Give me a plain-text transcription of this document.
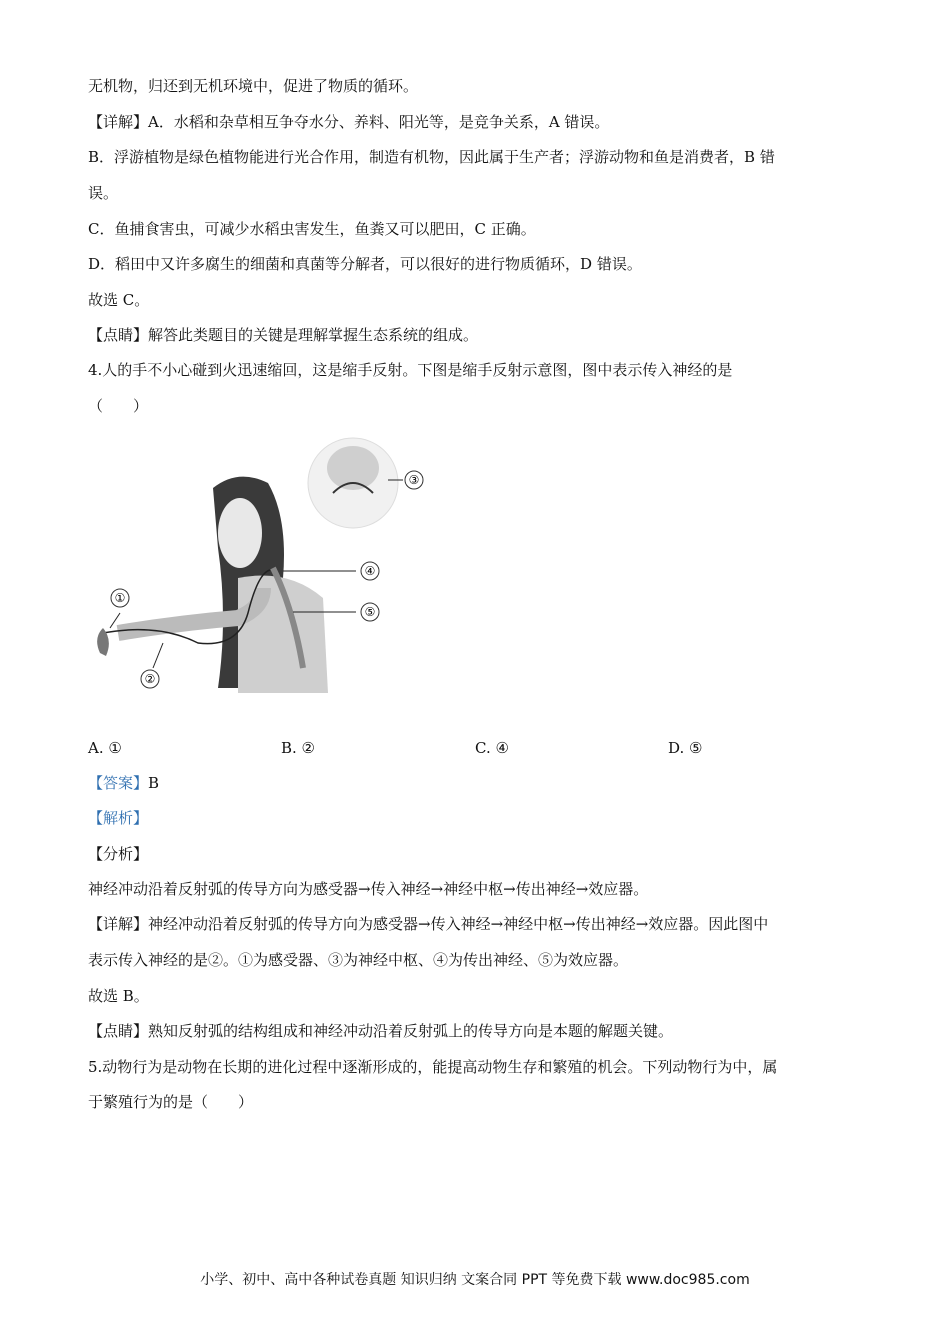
无机物，归还到无机环境中，促进了物质的循环。
【详解】A．水稻和杂草相互争夺水分、养料、阳光等，是竞争关系，A 错误。
B．浮游植物是绿色植物能进行光合作用，制造有机物，因此属于生产者；浮游动物和鱼是消费者，B 错
误。
C．鱼捕食害虫，可减少水稻虫害发生，鱼粪又可以肥田，C 正确。
D．稻田中又许多腐生的细菌和真菌等分解者，可以很好的进行物质循环，D 错误。
故选 C。
【点睛】解答此类题目的关键是理解掌握生态系统的组成。
4.人的手不小心碰到火迅速缩回，这是缩手反射。下图是缩手反射示意图，图中表示传入神经的是
（　　）
①
②
③
④
⑤
A. ①	B. ②	C. ④	D. ⑤
【答案】B
【解析】
【分析】
神经冲动沿着反射弧的传导方向为感受器→传入神经→神经中枢→传出神经→效应器。
【详解】神经冲动沿着反射弧的传导方向为感受器→传入神经→神经中枢→传出神经→效应器。因此图中
表示传入神经的是②。①为感受器、③为神经中枢、④为传出神经、⑤为效应器。
故选 B。
【点睛】熟知反射弧的结构组成和神经冲动沿着反射弧上的传导方向是本题的解题关键。
5.动物行为是动物在长期的进化过程中逐渐形成的，能提高动物生存和繁殖的机会。下列动物行为中，属
于繁殖行为的是（　　）
小学、初中、高中各种试卷真题 知识归纳 文案合同 PPT 等免费下载 www.doc985.com
